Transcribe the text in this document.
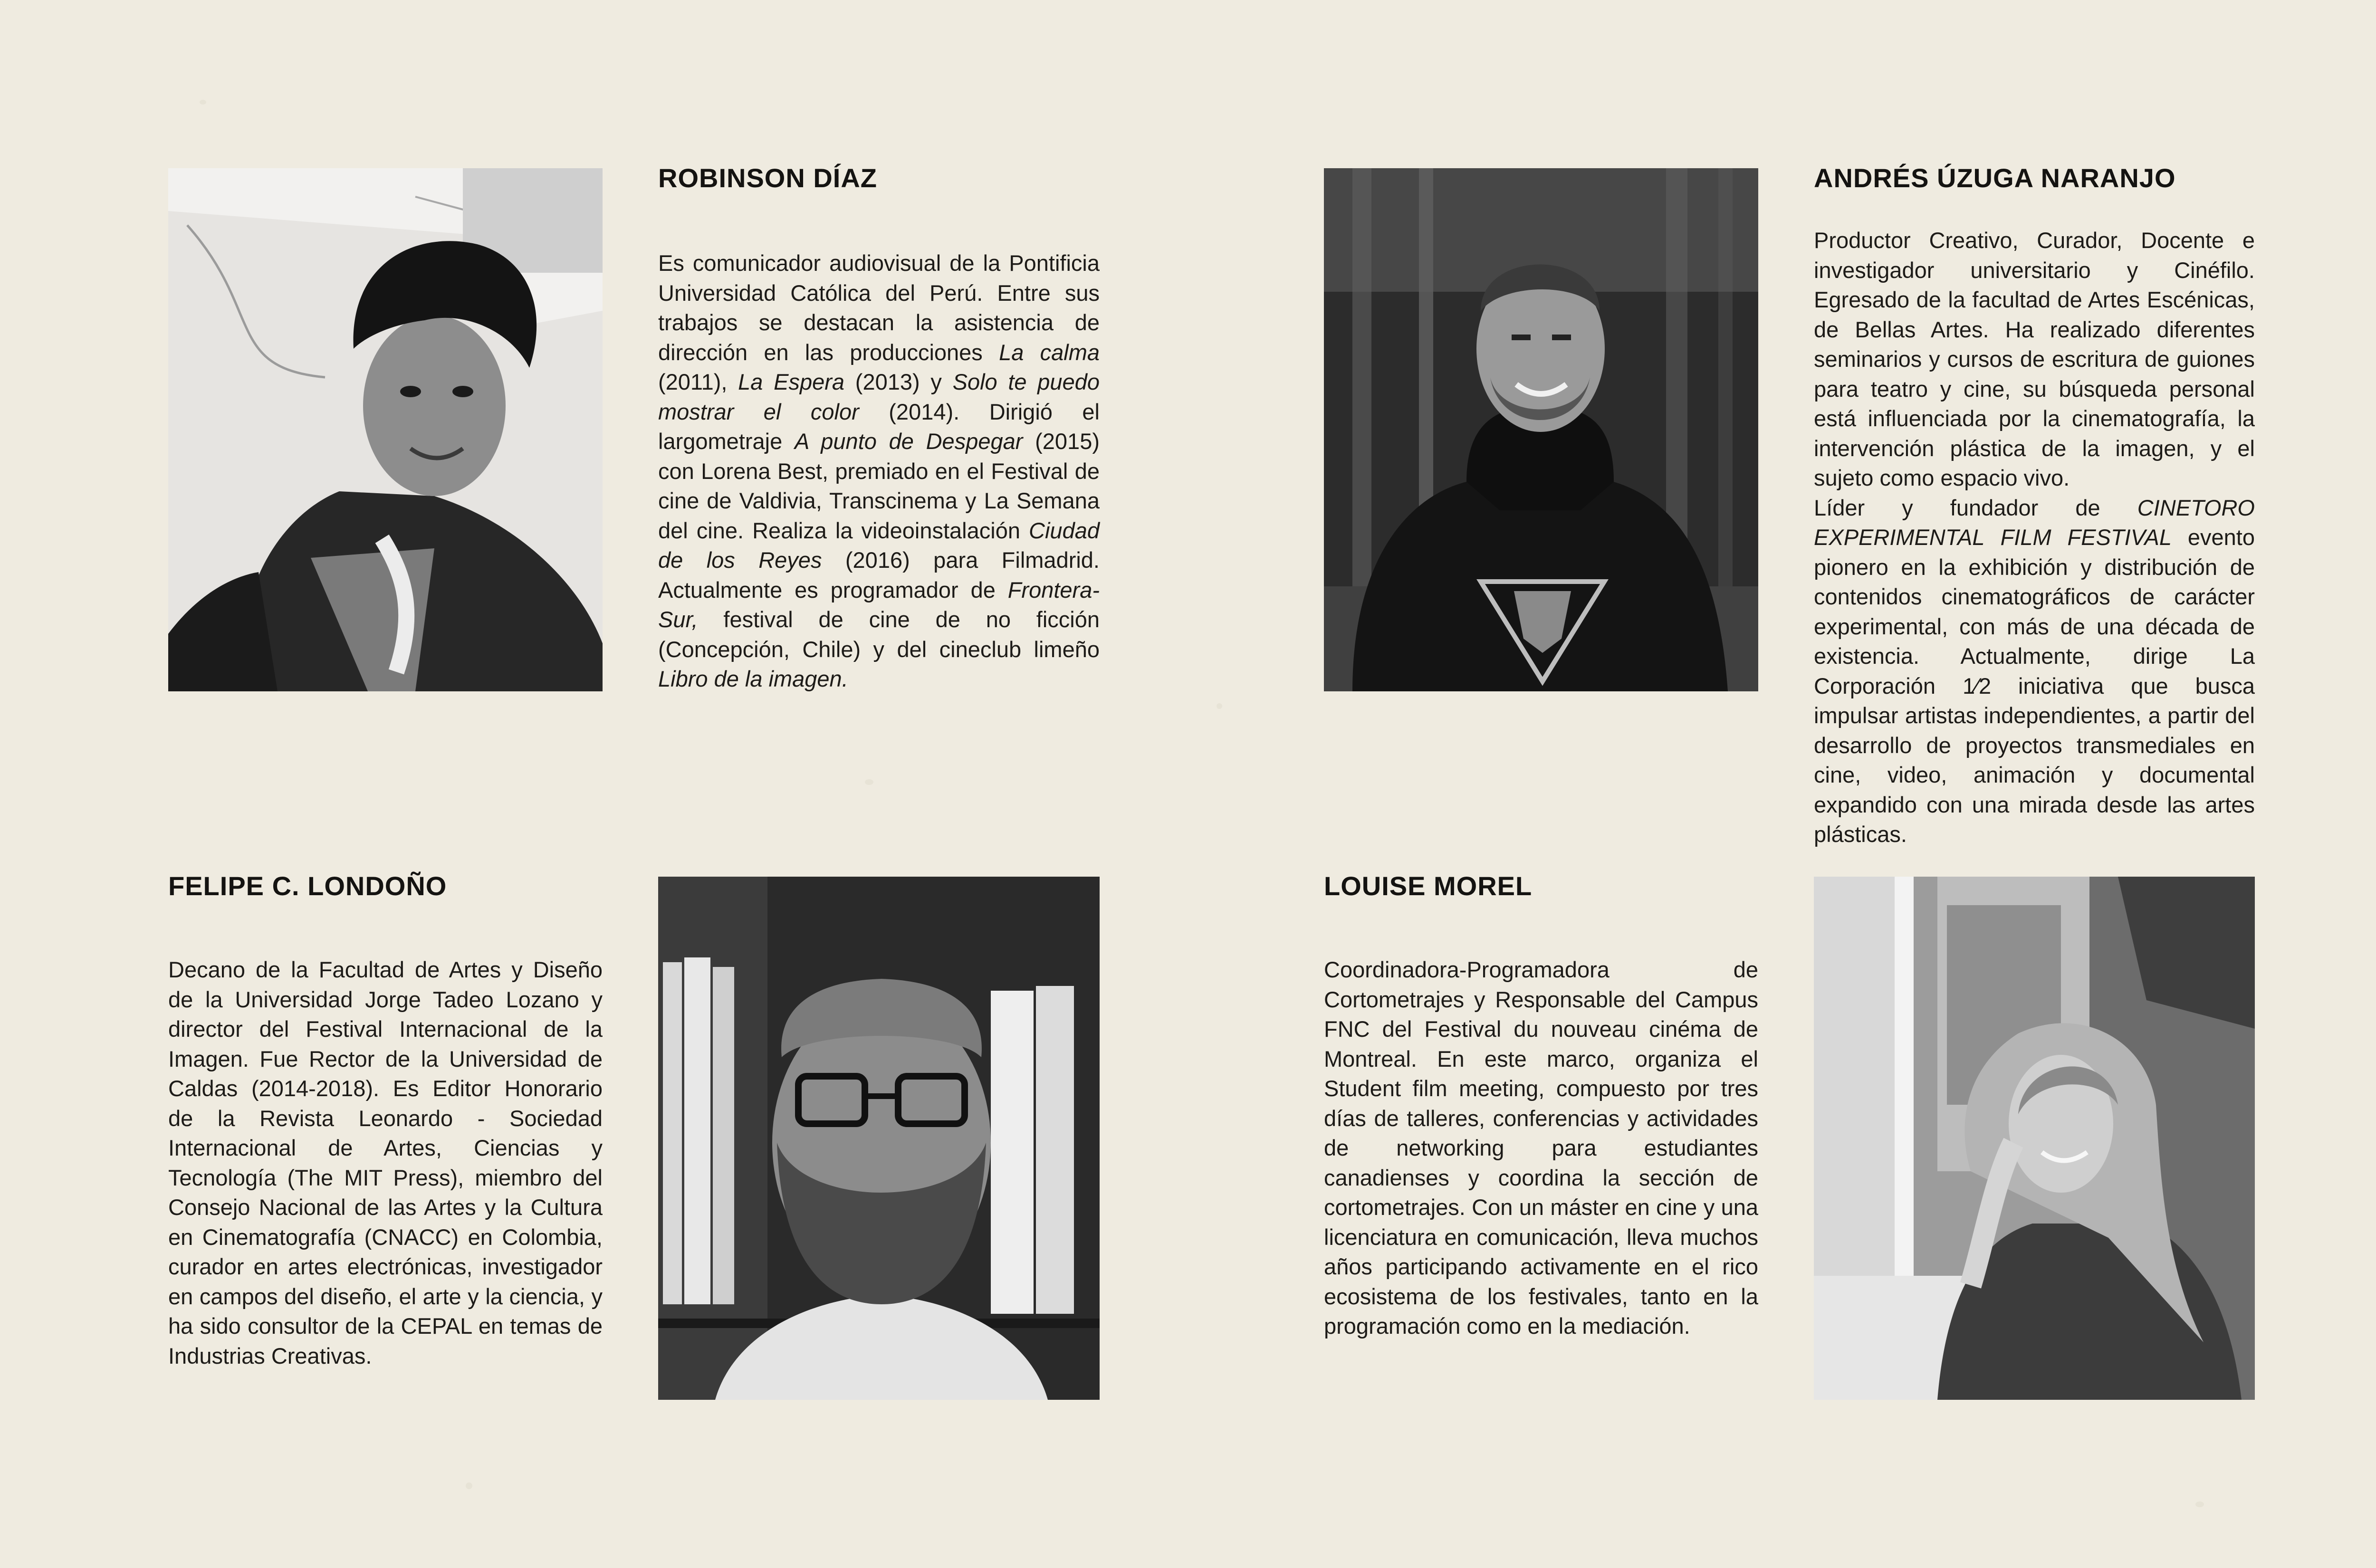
ROBINSON DÍAZ

Es comunicador audiovisual de la Pontificia Universidad Católica del Perú. Entre sus trabajos se destacan la asistencia de dirección en las producciones La calma (2011), La Espera (2013) y Solo te puedo mostrar el color (2014). Dirigió el largometraje A punto de Despegar (2015) con Lorena Best, premiado en el Festival de cine de Valdivia, Transcinema y La Semana del cine. Realiza la videoinstalación Ciudad de los Reyes (2016) para Filmadrid. Actualmente es programador de Frontera-Sur, festival de cine de no ficción (Concepción, Chile) y del cineclub limeño Libro de la imagen.

ANDRÉS ÚZUGA NARANJO

Productor Creativo, Curador, Docente e investigador universitario y Cinéfilo. Egresado de la facultad de Artes Escénicas, de Bellas Artes. Ha realizado diferentes seminarios y cursos de escritura de guiones para teatro y cine, su búsqueda personal está influenciada por la cinematografía, la intervención plástica de la imagen, y el sujeto como espacio vivo.
Líder y fundador de CINETORO EXPERIMENTAL FILM FESTIVAL evento pionero en la exhibición y distribución de contenidos cinematográficos de carácter experimental, con más de una década de existencia. Actualmente, dirige La Corporación 1⁄2 iniciativa que busca impulsar artistas independientes, a partir del desarrollo de proyectos transmediales en cine, video, animación y documental expandido con una mirada desde las artes plásticas.

FELIPE C. LONDOÑO

Decano de la Facultad de Artes y Diseño de la Universidad Jorge Tadeo Lozano y director del Festival Internacional de la Imagen. Fue Rector de la Universidad de Caldas (2014-2018). Es Editor Honorario de la Revista Leonardo - Sociedad Internacional de Artes, Ciencias y Tecnología (The MIT Press), miembro del Consejo Nacional de las Artes y la Cultura en Cinematografía (CNACC) en Colombia, curador en artes electrónicas, investigador en campos del diseño, el arte y la ciencia, y ha sido consultor de la CEPAL en temas de Industrias Creativas.

LOUISE MOREL

Coordinadora-Programadora de Cortometrajes y Responsable del Campus FNC del Festival du nouveau cinéma de Montreal. En este marco, organiza el Student film meeting, compuesto por tres días de talleres, conferencias y actividades de networking para estudiantes canadienses y coordina la sección de cortometrajes. Con un máster en cine y una licenciatura en comunicación, lleva muchos años participando activamente en el rico ecosistema de los festivales, tanto en la programación como en la mediación.
